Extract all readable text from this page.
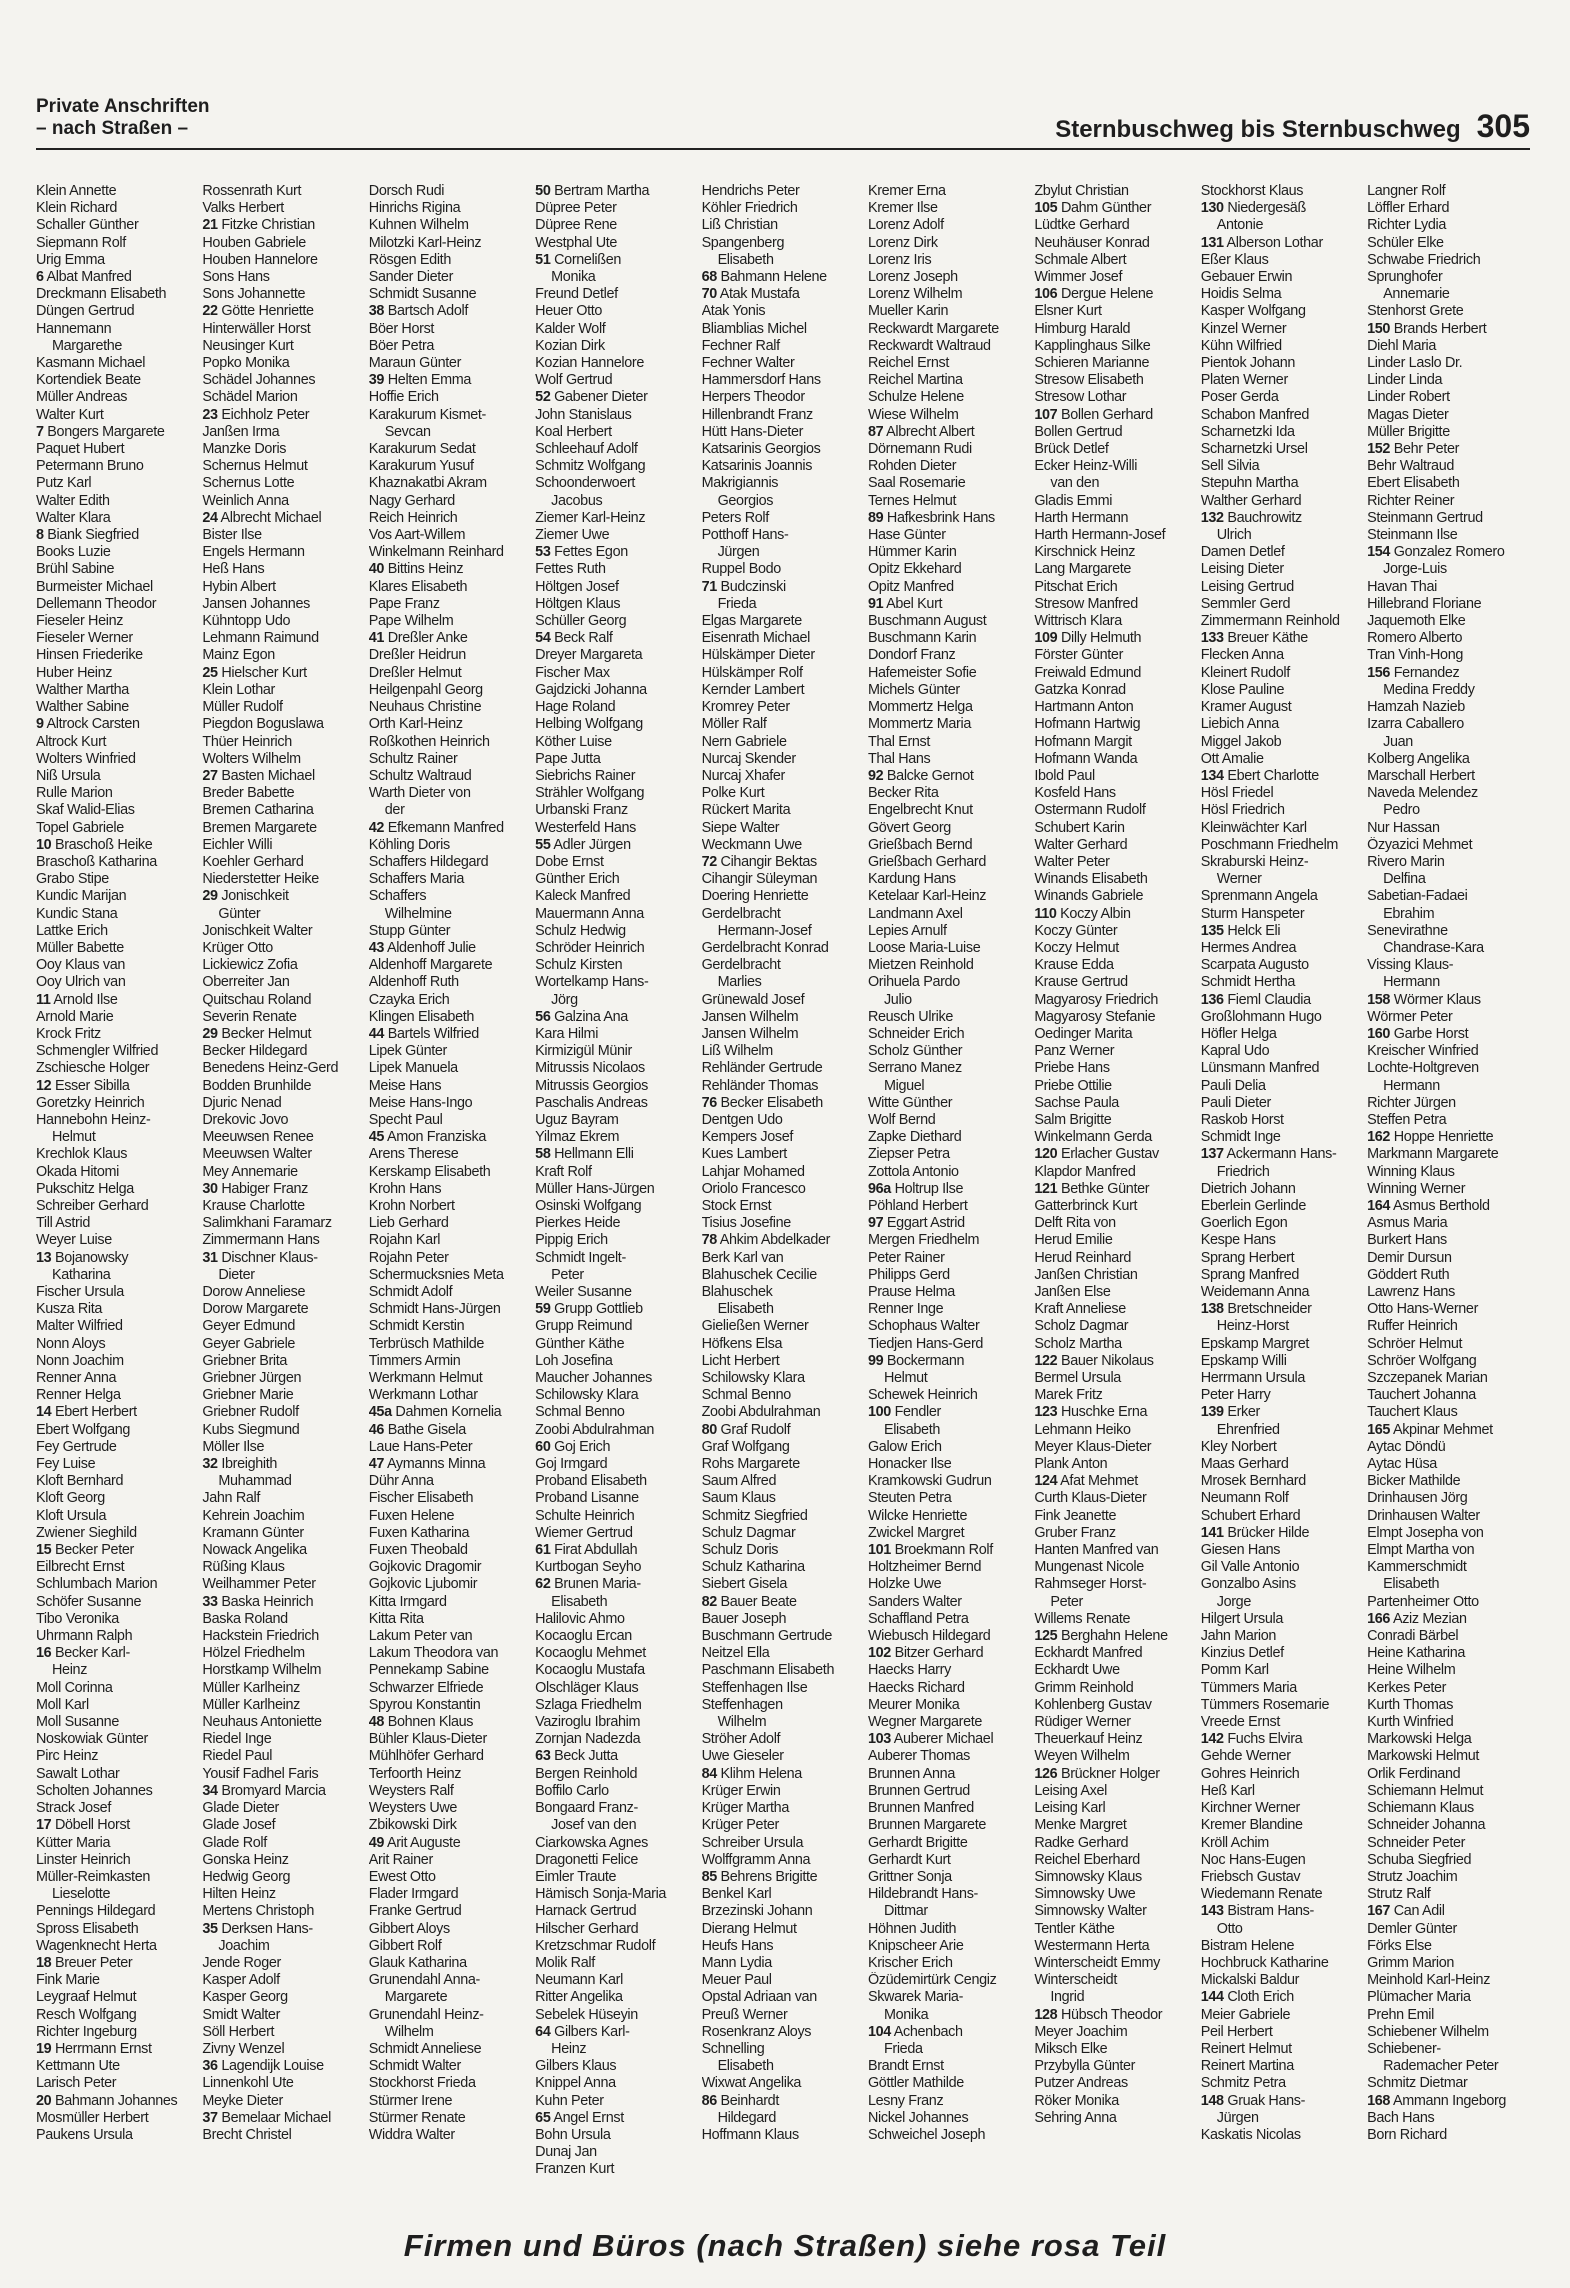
Private Anschriften
– nach Straßen –	Sternbuschweg bis Sternbuschweg 305
Klein Annette
Klein Richard
Schaller Günther
Siepmann Rolf
Urig Emma
6 Albat Manfred
Dreckmann Elisabeth
Düngen Gertrud
Hannemann
Margarethe
Kasmann Michael
Kortendiek Beate
Müller Andreas
Walter Kurt
7 Bongers Margarete
Paquet Hubert
Petermann Bruno
Putz Karl
Walter Edith
Walter Klara
8 Biank Siegfried
Books Luzie
Brühl Sabine
Burmeister Michael
Dellemann Theodor
Fieseler Heinz
Fieseler Werner
Hinsen Friederike
Huber Heinz
Walther Martha
Walther Sabine
9 Altrock Carsten
Altrock Kurt
Wolters Winfried
Niß Ursula
Rulle Marion
Skaf Walid-Elias
Topel Gabriele
10 Braschoß Heike
Braschoß Katharina
Grabo Stipe
Kundic Marijan
Kundic Stana
Lattke Erich
Müller Babette
Ooy Klaus van
Ooy Ulrich van
11 Arnold Ilse
Arnold Marie
Krock Fritz
Schmengler Wilfried
Zschiesche Holger
12 Esser Sibilla
Goretzky Heinrich
Hannebohn Heinz-
Helmut
Krechlok Klaus
Okada Hitomi
Pukschitz Helga
Schreiber Gerhard
Till Astrid
Weyer Luise
13 Bojanowsky
Katharina
Fischer Ursula
Kusza Rita
Malter Wilfried
Nonn Aloys
Nonn Joachim
Renner Anna
Renner Helga
14 Ebert Herbert
Ebert Wolfgang
Fey Gertrude
Fey Luise
Kloft Bernhard
Kloft Georg
Kloft Ursula
Zwiener Sieghild
15 Becker Peter
Eilbrecht Ernst
Schlumbach Marion
Schöfer Susanne
Tibo Veronika
Uhrmann Ralph
16 Becker Karl-
Heinz
Moll Corinna
Moll Karl
Moll Susanne
Noskowiak Günter
Pirc Heinz
Sawalt Lothar
Scholten Johannes
Strack Josef
17 Döbell Horst
Kütter Maria
Linster Heinrich
Müller-Reimkasten
Lieselotte
Pennings Hildegard
Spross Elisabeth
Wagenknecht Herta
18 Breuer Peter
Fink Marie
Leygraaf Helmut
Resch Wolfgang
Richter Ingeburg
19 Herrmann Ernst
Kettmann Ute
Larisch Peter
20 Bahmann Johannes
Mosmüller Herbert
Paukens Ursula
Rossenrath Kurt
Valks Herbert
21 Fitzke Christian
Houben Gabriele
Houben Hannelore
Sons Hans
Sons Johannette
22 Götte Henriette
Hinterwäller Horst
Neusinger Kurt
Popko Monika
Schädel Johannes
Schädel Marion
23 Eichholz Peter
Janßen Irma
Manzke Doris
Schernus Helmut
Schernus Lotte
Weinlich Anna
24 Albrecht Michael
Bister Ilse
Engels Hermann
Heß Hans
Hybin Albert
Jansen Johannes
Kühntopp Udo
Lehmann Raimund
Mainz Egon
25 Hielscher Kurt
Klein Lothar
Müller Rudolf
Piegdon Boguslawa
Thüer Heinrich
Wolters Wilhelm
27 Basten Michael
Breder Babette
Bremen Catharina
Bremen Margarete
Eichler Willi
Koehler Gerhard
Niederstetter Heike
29 Jonischkeit
Günter
Jonischkeit Walter
Krüger Otto
Lickiewicz Zofia
Oberreiter Jan
Quitschau Roland
Severin Renate
29 Becker Helmut
Becker Hildegard
Benedens Heinz-Gerd
Bodden Brunhilde
Djuric Nenad
Drekovic Jovo
Meeuwsen Renee
Meeuwsen Walter
Mey Annemarie
30 Habiger Franz
Krause Charlotte
Salimkhani Faramarz
Zimmermann Hans
31 Dischner Klaus-
Dieter
Dorow Anneliese
Dorow Margarete
Geyer Edmund
Geyer Gabriele
Griebner Brita
Griebner Jürgen
Griebner Marie
Griebner Rudolf
Kubs Siegmund
Möller Ilse
32 Ibreighith
Muhammad
Jahn Ralf
Kehrein Joachim
Kramann Günter
Nowack Angelika
Rüßing Klaus
Weilhammer Peter
33 Baska Heinrich
Baska Roland
Hackstein Friedrich
Hölzel Friedhelm
Horstkamp Wilhelm
Müller Karlheinz
Müller Karlheinz
Neuhaus Antoniette
Riedel Inge
Riedel Paul
Yousif Fadhel Faris
34 Bromyard Marcia
Glade Dieter
Glade Josef
Glade Rolf
Gonska Heinz
Hedwig Georg
Hilten Heinz
Mertens Christoph
35 Derksen Hans-
Joachim
Jende Roger
Kasper Adolf
Kasper Georg
Smidt Walter
Söll Herbert
Zivny Wenzel
36 Lagendijk Louise
Linnenkohl Ute
Meyke Dieter
37 Bemelaar Michael
Brecht Christel
Dorsch Rudi
Hinrichs Rigina
Kuhnen Wilhelm
Milotzki Karl-Heinz
Rösgen Edith
Sander Dieter
Schmidt Susanne
38 Bartsch Adolf
Böer Horst
Böer Petra
Maraun Günter
39 Helten Emma
Hoffie Erich
Karakurum Kismet-
Sevcan
Karakurum Sedat
Karakurum Yusuf
Khaznakatbi Akram
Nagy Gerhard
Reich Heinrich
Vos Aart-Willem
Winkelmann Reinhard
40 Bittins Heinz
Klares Elisabeth
Pape Franz
Pape Wilhelm
41 Dreßler Anke
Dreßler Heidrun
Dreßler Helmut
Heilgenpahl Georg
Neuhaus Christine
Orth Karl-Heinz
Roßkothen Heinrich
Schultz Rainer
Schultz Waltraud
Warth Dieter von
der
42 Efkemann Manfred
Köhling Doris
Schaffers Hildegard
Schaffers Maria
Schaffers
Wilhelmine
Stupp Günter
43 Aldenhoff Julie
Aldenhoff Margarete
Aldenhoff Ruth
Czayka Erich
Klingen Elisabeth
44 Bartels Wilfried
Lipek Günter
Lipek Manuela
Meise Hans
Meise Hans-Ingo
Specht Paul
45 Amon Franziska
Arens Therese
Kerskamp Elisabeth
Krohn Hans
Krohn Norbert
Lieb Gerhard
Rojahn Karl
Rojahn Peter
Schermucksnies Meta
Schmidt Adolf
Schmidt Hans-Jürgen
Schmidt Kerstin
Terbrüsch Mathilde
Timmers Armin
Werkmann Helmut
Werkmann Lothar
45a Dahmen Kornelia
46 Bathe Gisela
Laue Hans-Peter
47 Aymanns Minna
Dühr Anna
Fischer Elisabeth
Fuxen Helene
Fuxen Katharina
Fuxen Theobald
Gojkovic Dragomir
Gojkovic Ljubomir
Kitta Irmgard
Kitta Rita
Lakum Peter van
Lakum Theodora van
Pennekamp Sabine
Schwarzer Elfriede
Spyrou Konstantin
48 Bohnen Klaus
Bühler Klaus-Dieter
Mühlhöfer Gerhard
Terfoorth Heinz
Weysters Ralf
Weysters Uwe
Zbikowski Dirk
49 Arit Auguste
Arit Rainer
Ewest Otto
Flader Irmgard
Franke Gertrud
Gibbert Aloys
Gibbert Rolf
Glauk Katharina
Grunendahl Anna-
Margarete
Grunendahl Heinz-
Wilhelm
Schmidt Anneliese
Schmidt Walter
Stockhorst Frieda
Stürmer Irene
Stürmer Renate
Widdra Walter
50 Bertram Martha
Düpree Peter
Düpree Rene
Westphal Ute
51 Cornelißen
Monika
Freund Detlef
Heuer Otto
Kalder Wolf
Kozian Dirk
Kozian Hannelore
Wolf Gertrud
52 Gabener Dieter
John Stanislaus
Koal Herbert
Schleehauf Adolf
Schmitz Wolfgang
Schoonderwoert
Jacobus
Ziemer Karl-Heinz
Ziemer Uwe
53 Fettes Egon
Fettes Ruth
Höltgen Josef
Höltgen Klaus
Schüller Georg
54 Beck Ralf
Dreyer Margareta
Fischer Max
Gajdzicki Johanna
Hage Roland
Helbing Wolfgang
Köther Luise
Pape Jutta
Siebrichs Rainer
Strähler Wolfgang
Urbanski Franz
Westerfeld Hans
55 Adler Jürgen
Dobe Ernst
Günther Erich
Kaleck Manfred
Mauermann Anna
Schulz Hedwig
Schröder Heinrich
Schulz Kirsten
Wortelkamp Hans-
Jörg
56 Galzina Ana
Kara Hilmi
Kirmizigül Münir
Mitrussis Nicolaos
Mitrussis Georgios
Paschalis Andreas
Uguz Bayram
Yilmaz Ekrem
58 Hellmann Elli
Kraft Rolf
Müller Hans-Jürgen
Osinski Wolfgang
Pierkes Heide
Pippig Erich
Schmidt Ingelt-
Peter
Weiler Susanne
59 Grupp Gottlieb
Grupp Reimund
Günther Käthe
Loh Josefina
Maucher Johannes
Schilowsky Klara
Schmal Benno
Zoobi Abdulrahman
60 Goj Erich
Goj Irmgard
Proband Elisabeth
Proband Lisanne
Schulte Heinrich
Wiemer Gertrud
61 Firat Abdullah
Kurtbogan Seyho
62 Brunen Maria-
Elisabeth
Halilovic Ahmo
Kocaoglu Ercan
Kocaoglu Mehmet
Kocaoglu Mustafa
Olschläger Klaus
Szlaga Friedhelm
Vaziroglu Ibrahim
Zornjan Nadezda
63 Beck Jutta
Bergen Reinhold
Boffilo Carlo
Bongaard Franz-
Josef van den
Ciarkowska Agnes
Dragonetti Felice
Eimler Traute
Hämisch Sonja-Maria
Harnack Gertrud
Hilscher Gerhard
Kretzschmar Rudolf
Molik Ralf
Neumann Karl
Ritter Angelika
Sebelek Hüseyin
64 Gilbers Karl-
Heinz
Gilbers Klaus
Knippel Anna
Kuhn Peter
65 Angel Ernst
Bohn Ursula
Dunaj Jan
Franzen Kurt
Hendrichs Peter
Köhler Friedrich
Liß Christian
Spangenberg
Elisabeth
68 Bahmann Helene
70 Atak Mustafa
Atak Yonis
Bliamblias Michel
Fechner Ralf
Fechner Walter
Hammersdorf Hans
Herpers Theodor
Hillenbrandt Franz
Hütt Hans-Dieter
Katsarinis Georgios
Katsarinis Joannis
Makrigiannis
Georgios
Peters Rolf
Potthoff Hans-
Jürgen
Ruppel Bodo
71 Budczinski
Frieda
Elgas Margarete
Eisenrath Michael
Hülskämper Dieter
Hülskämper Rolf
Kernder Lambert
Kromrey Peter
Möller Ralf
Nern Gabriele
Nurcaj Skender
Nurcaj Xhafer
Polke Kurt
Rückert Marita
Siepe Walter
Weckmann Uwe
72 Cihangir Bektas
Cihangir Süleyman
Doering Henriette
Gerdelbracht
Hermann-Josef
Gerdelbracht Konrad
Gerdelbracht
Marlies
Grünewald Josef
Jansen Wilhelm
Jansen Wilhelm
Liß Wilhelm
Rehländer Gertrude
Rehländer Thomas
76 Becker Elisabeth
Dentgen Udo
Kempers Josef
Kues Lambert
Lahjar Mohamed
Oriolo Francesco
Stock Ernst
Tisius Josefine
78 Ahkim Abdelkader
Berk Karl van
Blahuschek Cecilie
Blahuschek
Elisabeth
Gieließen Werner
Höfkens Elsa
Licht Herbert
Schilowsky Klara
Schmal Benno
Zoobi Abdulrahman
80 Graf Rudolf
Graf Wolfgang
Rohs Margarete
Saum Alfred
Saum Klaus
Schmitz Siegfried
Schulz Dagmar
Schulz Doris
Schulz Katharina
Siebert Gisela
82 Bauer Beate
Bauer Joseph
Buschmann Gertrude
Neitzel Ella
Paschmann Elisabeth
Steffenhagen Ilse
Steffenhagen
Wilhelm
Ströher Adolf
Uwe Gieseler
84 Klihm Helena
Krüger Erwin
Krüger Martha
Krüger Peter
Schreiber Ursula
Wolffgramm Anna
85 Behrens Brigitte
Benkel Karl
Brzezinski Johann
Dierang Helmut
Heufs Hans
Mann Lydia
Meuer Paul
Opstal Adriaan van
Preuß Werner
Rosenkranz Aloys
Schnelling
Elisabeth
Wixwat Angelika
86 Beinhardt
Hildegard
Hoffmann Klaus
Kremer Erna
Kremer Ilse
Lorenz Adolf
Lorenz Dirk
Lorenz Iris
Lorenz Joseph
Lorenz Wilhelm
Mueller Karin
Reckwardt Margarete
Reckwardt Waltraud
Reichel Ernst
Reichel Martina
Schulze Helene
Wiese Wilhelm
87 Albrecht Albert
Dörnemann Rudi
Rohden Dieter
Saal Rosemarie
Ternes Helmut
89 Hafkesbrink Hans
Hase Günter
Hümmer Karin
Opitz Ekkehard
Opitz Manfred
91 Abel Kurt
Buschmann August
Buschmann Karin
Dondorf Franz
Hafemeister Sofie
Michels Günter
Mommertz Helga
Mommertz Maria
Thal Ernst
Thal Hans
92 Balcke Gernot
Becker Rita
Engelbrecht Knut
Gövert Georg
Grießbach Bernd
Grießbach Gerhard
Kardung Hans
Ketelaar Karl-Heinz
Landmann Axel
Lepies Arnulf
Loose Maria-Luise
Mietzen Reinhold
Orihuela Pardo
Julio
Reusch Ulrike
Schneider Erich
Scholz Günther
Serrano Manez
Miguel
Witte Günther
Wolf Bernd
Zapke Diethard
Ziepser Petra
Zottola Antonio
96a Holtrup Ilse
Pöhland Herbert
97 Eggart Astrid
Mergen Friedhelm
Peter Rainer
Philipps Gerd
Prause Helma
Renner Inge
Schophaus Walter
Tiedjen Hans-Gerd
99 Bockermann
Helmut
Schewek Heinrich
100 Fendler
Elisabeth
Galow Erich
Honacker Ilse
Kramkowski Gudrun
Steuten Petra
Wilcke Henriette
Zwickel Margret
101 Broekmann Rolf
Holtzheimer Bernd
Holzke Uwe
Sanders Walter
Schaffland Petra
Wiebusch Hildegard
102 Bitzer Gerhard
Haecks Harry
Haecks Richard
Meurer Monika
Wegner Margarete
103 Auberer Michael
Auberer Thomas
Brunnen Anna
Brunnen Gertrud
Brunnen Manfred
Brunnen Margarete
Gerhardt Brigitte
Gerhardt Kurt
Grittner Sonja
Hildebrandt Hans-
Dittmar
Höhnen Judith
Knipscheer Arie
Krischer Erich
Özüdemirtürk Cengiz
Skwarek Maria-
Monika
104 Achenbach
Frieda
Brandt Ernst
Göttler Mathilde
Lesny Franz
Nickel Johannes
Schweichel Joseph
Zbylut Christian
105 Dahm Günther
Lüdtke Gerhard
Neuhäuser Konrad
Schmale Albert
Wimmer Josef
106 Dergue Helene
Elsner Kurt
Himburg Harald
Kapplinghaus Silke
Schieren Marianne
Stresow Elisabeth
Stresow Lothar
107 Bollen Gerhard
Bollen Gertrud
Brück Detlef
Ecker Heinz-Willi
van den
Gladis Emmi
Harth Hermann
Harth Hermann-Josef
Kirschnick Heinz
Lang Margarete
Pitschat Erich
Stresow Manfred
Wittrisch Klara
109 Dilly Helmuth
Förster Günter
Freiwald Edmund
Gatzka Konrad
Hartmann Anton
Hofmann Hartwig
Hofmann Margit
Hofmann Wanda
Ibold Paul
Kosfeld Hans
Ostermann Rudolf
Schubert Karin
Walter Gerhard
Walter Peter
Winands Elisabeth
Winands Gabriele
110 Koczy Albin
Koczy Günter
Koczy Helmut
Krause Edda
Krause Gertrud
Magyarosy Friedrich
Magyarosy Stefanie
Oedinger Marita
Panz Werner
Priebe Hans
Priebe Ottilie
Sachse Paula
Salm Brigitte
Winkelmann Gerda
120 Erlacher Gustav
Klapdor Manfred
121 Bethke Günter
Gatterbrinck Kurt
Delft Rita von
Herud Emilie
Herud Reinhard
Janßen Christian
Janßen Else
Kraft Anneliese
Scholz Dagmar
Scholz Martha
122 Bauer Nikolaus
Bermel Ursula
Marek Fritz
123 Huschke Erna
Lehmann Heiko
Meyer Klaus-Dieter
Plank Anton
124 Afat Mehmet
Curth Klaus-Dieter
Fink Jeanette
Gruber Franz
Hanten Manfred van
Mungenast Nicole
Rahmseger Horst-
Peter
Willems Renate
125 Berghahn Helene
Eckhardt Manfred
Eckhardt Uwe
Grimm Reinhold
Kohlenberg Gustav
Rüdiger Werner
Theuerkauf Heinz
Weyen Wilhelm
126 Brückner Holger
Leising Axel
Leising Karl
Menke Margret
Radke Gerhard
Reichel Eberhard
Simnowsky Klaus
Simnowsky Uwe
Simnowsky Walter
Tentler Käthe
Westermann Herta
Winterscheidt Emmy
Winterscheidt
Ingrid
128 Hübsch Theodor
Meyer Joachim
Miksch Elke
Przybylla Günter
Putzer Andreas
Röker Monika
Sehring Anna
Stockhorst Klaus
130 Niedergesäß
Antonie
131 Alberson Lothar
Eßer Klaus
Gebauer Erwin
Hoidis Selma
Kasper Wolfgang
Kinzel Werner
Kühn Wilfried
Pientok Johann
Platen Werner
Poser Gerda
Schabon Manfred
Scharnetzki Ida
Scharnetzki Ursel
Sell Silvia
Stepuhn Martha
Walther Gerhard
132 Bauchrowitz
Ulrich
Damen Detlef
Leising Dieter
Leising Gertrud
Semmler Gerd
Zimmermann Reinhold
133 Breuer Käthe
Flecken Anna
Kleinert Rudolf
Klose Pauline
Kramer August
Liebich Anna
Miggel Jakob
Ott Amalie
134 Ebert Charlotte
Hösl Friedel
Hösl Friedrich
Kleinwächter Karl
Poschmann Friedhelm
Skraburski Heinz-
Werner
Sprenmann Angela
Sturm Hanspeter
135 Helck Eli
Hermes Andrea
Scarpata Augusto
Schmidt Hertha
136 Fieml Claudia
Großlohmann Hugo
Höfler Helga
Kapral Udo
Lünsmann Manfred
Pauli Delia
Pauli Dieter
Raskob Horst
Schmidt Inge
137 Ackermann Hans-
Friedrich
Dietrich Johann
Eberlein Gerlinde
Goerlich Egon
Kespe Hans
Sprang Herbert
Sprang Manfred
Weidemann Anna
138 Bretschneider
Heinz-Horst
Epskamp Margret
Epskamp Willi
Herrmann Ursula
Peter Harry
139 Erker
Ehrenfried
Kley Norbert
Maas Gerhard
Mrosek Bernhard
Neumann Rolf
Schubert Erhard
141 Brücker Hilde
Giesen Hans
Gil Valle Antonio
Gonzalbo Asins
Jorge
Hilgert Ursula
Jahn Marion
Kinzius Detlef
Pomm Karl
Tümmers Maria
Tümmers Rosemarie
Vreede Ernst
142 Fuchs Elvira
Gehde Werner
Gohres Heinrich
Heß Karl
Kirchner Werner
Kremer Blandine
Kröll Achim
Noc Hans-Eugen
Friebsch Gustav
Wiedemann Renate
143 Bistram Hans-
Otto
Bistram Helene
Hochbruck Katharine
Mickalski Baldur
144 Cloth Erich
Meier Gabriele
Peil Herbert
Reinert Helmut
Reinert Martina
Schmitz Petra
148 Gruak Hans-
Jürgen
Kaskatis Nicolas
Langner Rolf
Löffler Erhard
Richter Lydia
Schüler Elke
Schwabe Friedrich
Sprunghofer
Annemarie
Stenhorst Grete
150 Brands Herbert
Diehl Maria
Linder Laslo Dr.
Linder Linda
Linder Robert
Magas Dieter
Müller Brigitte
152 Behr Peter
Behr Waltraud
Ebert Elisabeth
Richter Reiner
Steinmann Gertrud
Steinmann Ilse
154 Gonzalez Romero
Jorge-Luis
Havan Thai
Hillebrand Floriane
Jaquemoth Elke
Romero Alberto
Tran Vinh-Hong
156 Fernandez
Medina Freddy
Hamzah Nazieb
Izarra Caballero
Juan
Kolberg Angelika
Marschall Herbert
Naveda Melendez
Pedro
Nur Hassan
Özyazici Mehmet
Rivero Marin
Delfina
Sabetian-Fadaei
Ebrahim
Senevirathne
Chandrase-Kara
Vissing Klaus-
Hermann
158 Wörmer Klaus
Wörmer Peter
160 Garbe Horst
Kreischer Winfried
Lochte-Holtgreven
Hermann
Richter Jürgen
Steffen Petra
162 Hoppe Henriette
Markmann Margarete
Winning Klaus
Winning Werner
164 Asmus Berthold
Asmus Maria
Burkert Hans
Demir Dursun
Göddert Ruth
Lawrenz Hans
Otto Hans-Werner
Ruffer Heinrich
Schröer Helmut
Schröer Wolfgang
Szczepanek Marian
Tauchert Johanna
Tauchert Klaus
165 Akpinar Mehmet
Aytac Döndü
Aytac Hüsa
Bicker Mathilde
Drinhausen Jörg
Drinhausen Walter
Elmpt Josepha von
Elmpt Martha von
Kammerschmidt
Elisabeth
Partenheimer Otto
166 Aziz Mezian
Conradi Bärbel
Heine Katharina
Heine Wilhelm
Kerkes Peter
Kurth Thomas
Kurth Winfried
Markowski Helga
Markowski Helmut
Orlik Ferdinand
Schiemann Helmut
Schiemann Klaus
Schneider Johanna
Schneider Peter
Schuba Siegfried
Strutz Joachim
Strutz Ralf
167 Can Adil
Demler Günter
Förks Else
Grimm Marion
Meinhold Karl-Heinz
Plümacher Maria
Prehn Emil
Schiebener Wilhelm
Schiebener-
Rademacher Peter
Schmitz Dietmar
168 Ammann Ingeborg
Bach Hans
Born Richard
Firmen und Büros (nach Straßen) siehe rosa Teil
